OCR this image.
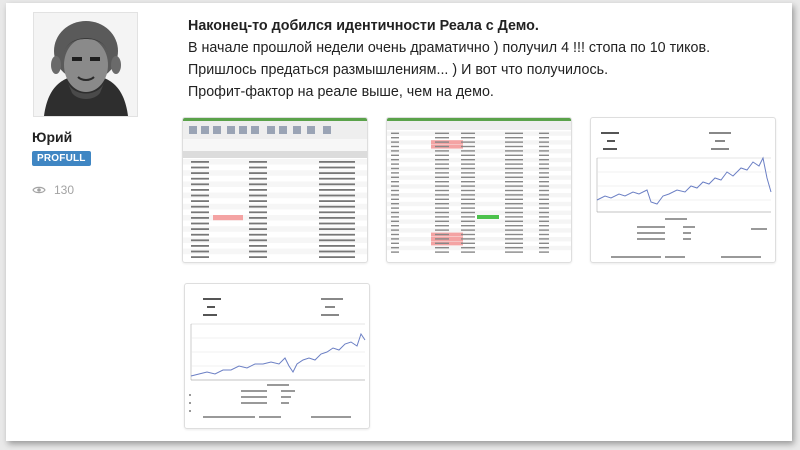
Юрий
PROFULL
130
Наконец-то добился идентичности Реала с Демо.
В начале прошлой недели очень драматично ) получил 4 !!! стопа по 10 тиков.
Пришлось предаться размышлениям... ) И вот что получилось.
Профит-фактор на реале выше, чем на демо.
